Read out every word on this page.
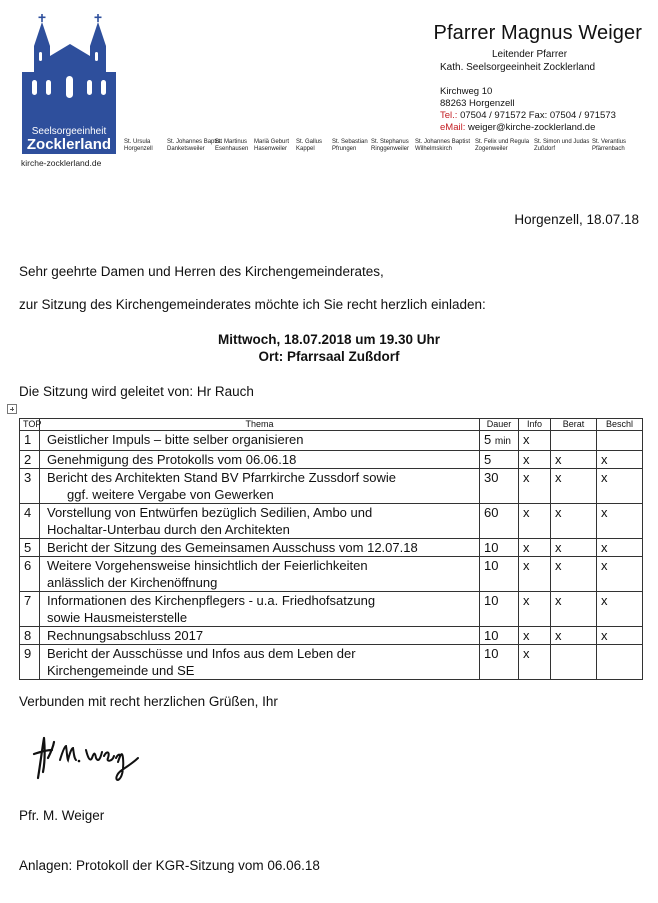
Seelsorgeeinheit
Zocklerland
kirche-zocklerland.de
Pfarrer Magnus Weiger
Leitender Pfarrer
Kath. Seelsorgeeinheit Zocklerland
Kirchweg 10
88263 Horgenzell
Tel.: 07504 / 971572 Fax: 07504 / 971573
eMail: weiger@kirche-zocklerland.de
St. Ursula
Horgenzell
St. Johannes Baptist
Danketsweiler
St. Martinus
Esenhausen
Mariä Geburt
Hasenweiler
St. Gallus
Kappel
St. Sebastian
Pfrungen
St. Stephanus
Ringgenweiler
St. Johannes Baptist
Wilhelmskirch
St. Felix und Regula
Zogenweiler
St. Simon und Judas
Zußdorf
St. Verantius
Pfärrenbach
Horgenzell, 18.07.18
Sehr geehrte Damen und Herren des Kirchengemeinderates,
zur Sitzung des Kirchengemeinderates möchte ich Sie recht herzlich einladen:
Mittwoch, 18.07.2018 um 19.30 Uhr
Ort: Pfarrsaal Zußdorf
Die Sitzung wird geleitet von: Hr Rauch
TOP	Thema	Dauer	Info	Berat	Beschl
1	Geistlicher Impuls – bitte selber organisieren	5 min	x		
2	Genehmigung des Protokolls vom 06.06.18	5	x	x	x
3	Bericht des Architekten Stand BV Pfarrkirche Zussdorf sowie
ggf. weitere Vergabe von Gewerken	30	x	x	x
4	Vorstellung von Entwürfen bezüglich Sedilien, Ambo und
Hochaltar-Unterbau durch den Architekten	60	x	x	x
5	Bericht der Sitzung des Gemeinsamen Ausschuss vom 12.07.18	10	x	x	x
6	Weitere Vorgehensweise hinsichtlich der Feierlichkeiten
anlässlich der Kirchenöffnung	10	x	x	x
7	Informationen des Kirchenpflegers - u.a. Friedhofsatzung
sowie Hausmeisterstelle	10	x	x	x
8	Rechnungsabschluss 2017	10	x	x	x
9	Bericht der Ausschüsse und Infos aus dem Leben der
Kirchengemeinde und SE	10	x		
Verbunden mit recht herzlichen Grüßen, Ihr
Pfr. M. Weiger
Anlagen: Protokoll der KGR-Sitzung vom 06.06.18
